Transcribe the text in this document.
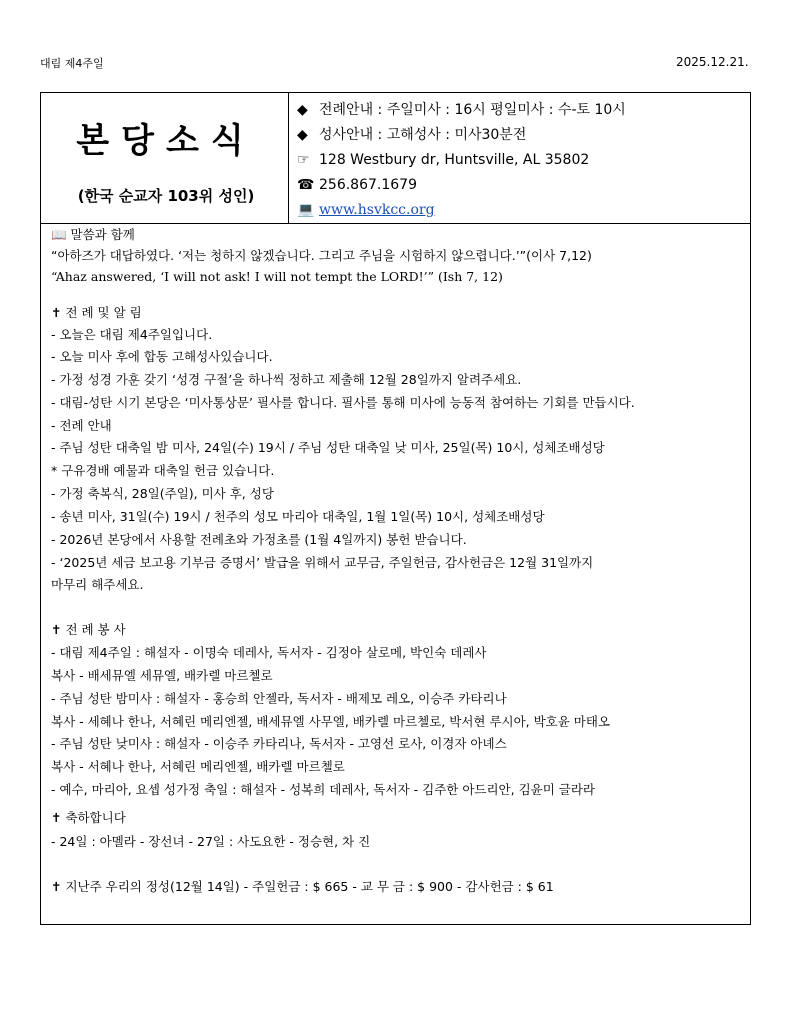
대림 제4주일	2025.12.21.
본당소식
(한국 순교자 103위 성인)
◆ 전례안내 : 주일미사 : 16시 평일미사 : 수-토 10시
◆ 성사안내 : 고해성사 : 미사30분전
☞ 128 Westbury dr, Huntsville, AL 35802
☎ 256.867.1679
💻 www.hsvkcc.org
📖 말씀과 함께
“아하즈가 대답하였다. ‘저는 청하지 않겠습니다. 그리고 주님을 시험하지 않으렵니다.’”(이사 7,12)
“Ahaz answered, ‘I will not ask! I will not tempt the LORD!’” (Ish 7, 12)
✝ 전 례 및 알 림
- 오늘은 대림 제4주일입니다.
- 오늘 미사 후에 합동 고해성사있습니다.
- 가정 성경 가훈 갖기 ‘성경 구절’을 하나씩 정하고 제출해 12월 28일까지 알려주세요.
- 대림-성탄 시기 본당은 ‘미사통상문’ 필사를 합니다. 필사를 통해 미사에 능동적 참여하는 기회를 만듭시다.
- 전례 안내
- 주님 성탄 대축일 밤 미사, 24일(수) 19시 / 주님 성탄 대축일 낮 미사, 25일(목) 10시, 성체조배성당
* 구유경배 예물과 대축일 헌금 있습니다.
- 가정 축복식, 28일(주일), 미사 후, 성당
- 송년 미사, 31일(수) 19시 / 천주의 성모 마리아 대축일, 1월 1일(목) 10시, 성체조배성당
- 2026년 본당에서 사용할 전례초와 가정초를 (1월 4일까지) 봉헌 받습니다.
- ‘2025년 세금 보고용 기부금 증명서’ 발급을 위해서 교무금, 주일헌금, 감사헌금은 12월 31일까지
마무리 해주세요.
✝ 전 례 봉 사
- 대림 제4주일 : 해설자 - 이명숙 데레사, 독서자 - 김정아 살로메, 박인숙 데레사
복사 - 배세뮤엘 세뮤엘, 배카렐 마르첼로
- 주님 성탄 밤미사 : 해설자 - 홍승희 안젤라, 독서자 - 배제모 레오, 이승주 카타리나
복사 - 세혜나 한나, 서혜린 메리엔젤, 배세뮤엘 사무엘, 배카렐 마르첼로, 박서현 루시아, 박호윤 마태오
- 주님 성탄 낮미사 : 해설자 - 이승주 카타리나, 독서자 - 고영선 로사, 이경자 아녜스
복사 - 서혜나 한나, 서혜린 메리엔젤, 배카렐 마르첼로
- 예수, 마리아, 요셉 성가정 축일 : 해설자 - 성복희 데레사, 독서자 - 김주한 아드리안, 김윤미 글라라
✝ 축하합니다
- 24일 : 아멜라 - 장선녀 - 27일 : 사도요한 - 정승현, 차 진
✝ 지난주 우리의 정성(12월 14일) - 주일헌금 : $ 665 - 교 무 금 : $ 900 - 감사헌금 : $ 61
